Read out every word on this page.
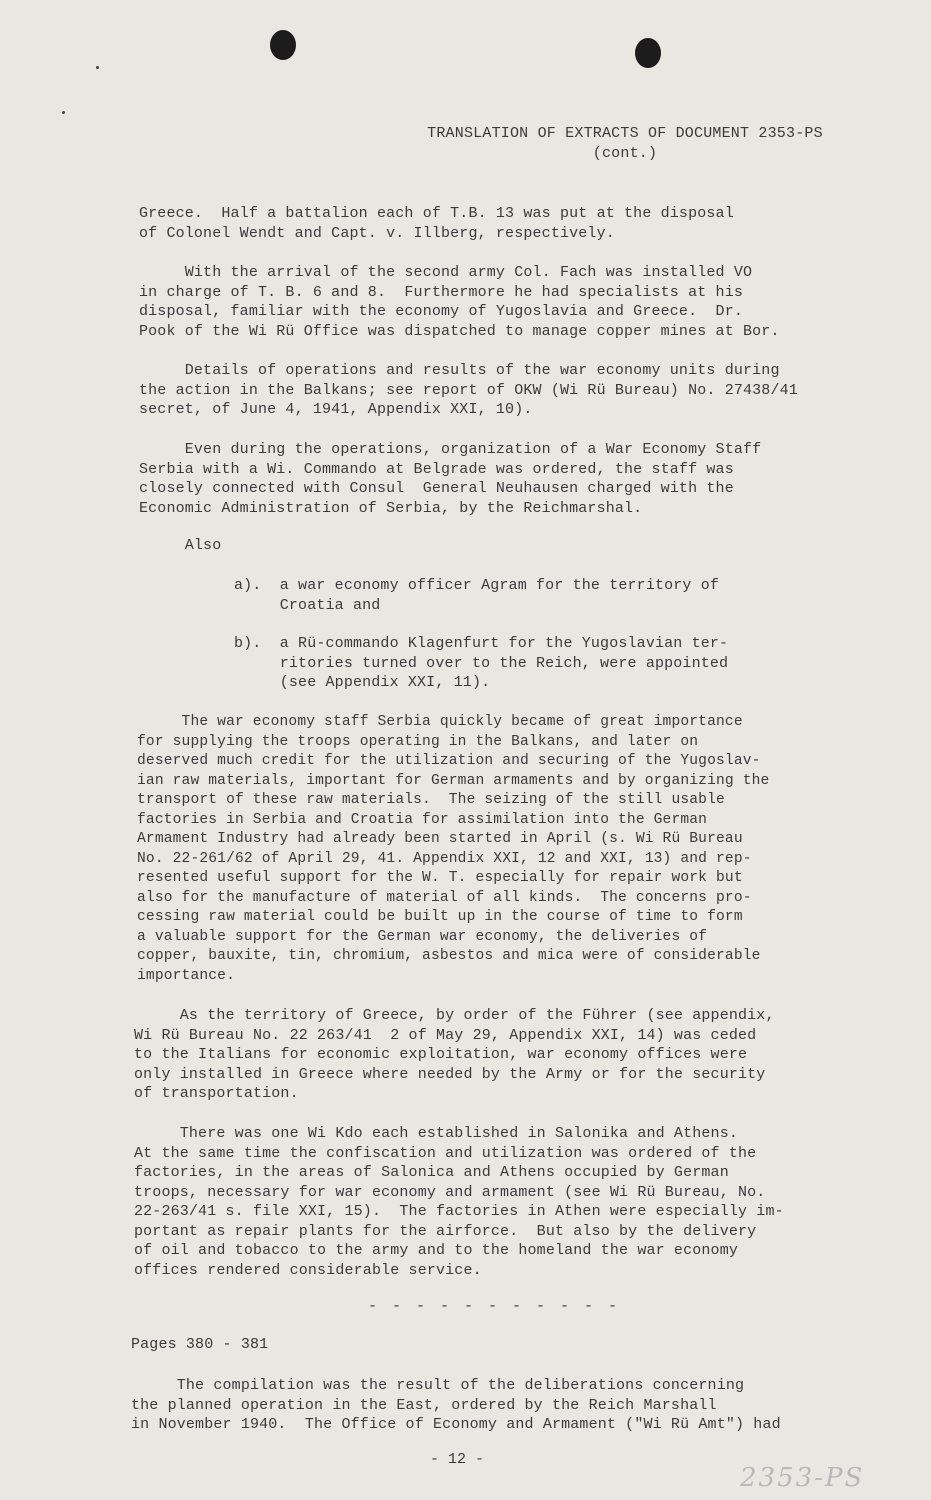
TRANSLATION OF EXTRACTS OF DOCUMENT 2353-PS
(cont.)
Greece.  Half a battalion each of T.B. 13 was put at the disposal
of Colonel Wendt and Capt. v. Illberg, respectively.
With the arrival of the second army Col. Fach was installed VO
in charge of T. B. 6 and 8.  Furthermore he had specialists at his
disposal, familiar with the economy of Yugoslavia and Greece.  Dr.
Pook of the Wi Rü Office was dispatched to manage copper mines at Bor.
Details of operations and results of the war economy units during
the action in the Balkans; see report of OKW (Wi Rü Bureau) No. 27438/41
secret, of June 4, 1941, Appendix XXI, 10).
Even during the operations, organization of a War Economy Staff
Serbia with a Wi. Commando at Belgrade was ordered, the staff was
closely connected with Consul  General Neuhausen charged with the
Economic Administration of Serbia, by the Reichmarshal.
Also
a).  a war economy officer Agram for the territory of
Croatia and
b).  a Rü-commando Klagenfurt for the Yugoslavian ter-
ritories turned over to the Reich, were appointed
(see Appendix XXI, 11).
The war economy staff Serbia quickly became of great importance
for supplying the troops operating in the Balkans, and later on
deserved much credit for the utilization and securing of the Yugoslav-
ian raw materials, important for German armaments and by organizing the
transport of these raw materials.  The seizing of the still usable
factories in Serbia and Croatia for assimilation into the German
Armament Industry had already been started in April (s. Wi Rü Bureau
No. 22-261/62 of April 29, 41. Appendix XXI, 12 and XXI, 13) and rep-
resented useful support for the W. T. especially for repair work but
also for the manufacture of material of all kinds.  The concerns pro-
cessing raw material could be built up in the course of time to form
a valuable support for the German war economy, the deliveries of
copper, bauxite, tin, chromium, asbestos and mica were of considerable
importance.
As the territory of Greece, by order of the Führer (see appendix,
Wi Rü Bureau No. 22 263/41  2 of May 29, Appendix XXI, 14) was ceded
to the Italians for economic exploitation, war economy offices were
only installed in Greece where needed by the Army or for the security
of transportation.
There was one Wi Kdo each established in Salonika and Athens.
At the same time the confiscation and utilization was ordered of the
factories, in the areas of Salonica and Athens occupied by German
troops, necessary for war economy and armament (see Wi Rü Bureau, No.
22-263/41 s. file XXI, 15).  The factories in Athen were especially im-
portant as repair plants for the airforce.  But also by the delivery
of oil and tobacco to the army and to the homeland the war economy
offices rendered considerable service.
- - - - - - - - - - -
Pages 380 - 381
The compilation was the result of the deliberations concerning
the planned operation in the East, ordered by the Reich Marshall
in November 1940.  The Office of Economy and Armament ("Wi Rü Amt") had
- 12 -
2353-PS
